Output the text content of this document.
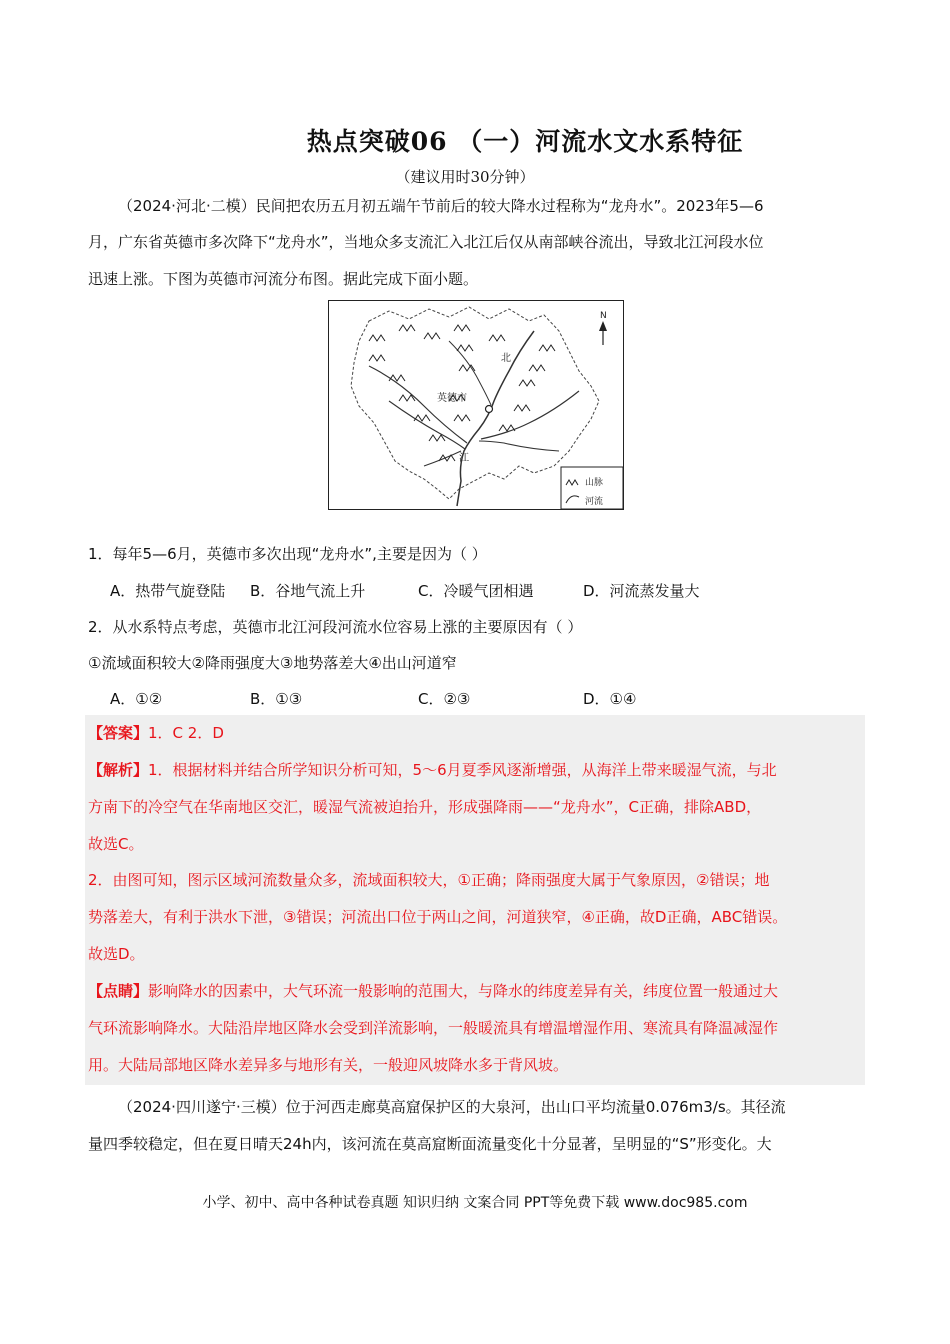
热点突破06 （一）河流水文水系特征
（建议用时30分钟）
（2024·河北·二模）民间把农历五月初五端午节前后的较大降水过程称为“龙舟水”。2023年5—6
月，广东省英德市多次降下“龙舟水”，当地众多支流汇入北江后仅从南部峡谷流出，导致北江河段水位
迅速上涨。下图为英德市河流分布图。据此完成下面小题。
英德市
北
江
N
山脉
河流
1．每年5—6月，英德市多次出现“龙舟水”,主要是因为（ ）
A．热带气旋登陆 B．谷地气流上升	C．冷暖气团相遇	D．河流蒸发量大
2．从水系特点考虑，英德市北江河段河流水位容易上涨的主要原因有（ ）
①流域面积较大②降雨强度大③地势落差大④出山河道窄
A．①②	B．①③	C．②③	D．①④
【答案】1．C 2．D
【解析】1．根据材料并结合所学知识分析可知，5～6月夏季风逐渐增强，从海洋上带来暖湿气流，与北
方南下的冷空气在华南地区交汇，暖湿气流被迫抬升，形成强降雨——“龙舟水”，C正确，排除ABD，
故选C。
2．由图可知，图示区域河流数量众多，流域面积较大，①正确；降雨强度大属于气象原因，②错误；地
势落差大，有利于洪水下泄，③错误；河流出口位于两山之间，河道狭窄，④正确，故D正确，ABC错误。
故选D。
【点睛】影响降水的因素中，大气环流一般影响的范围大，与降水的纬度差异有关，纬度位置一般通过大
气环流影响降水。大陆沿岸地区降水会受到洋流影响，一般暖流具有增温增湿作用、寒流具有降温减湿作
用。大陆局部地区降水差异多与地形有关，一般迎风坡降水多于背风坡。
（2024·四川遂宁·三模）位于河西走廊莫高窟保护区的大泉河，出山口平均流量0.076m3/s。其径流
量四季较稳定，但在夏日晴天24h内，该河流在莫高窟断面流量变化十分显著，呈明显的“S”形变化。大
小学、初中、高中各种试卷真题 知识归纳 文案合同 PPT等免费下载 www.doc985.com
